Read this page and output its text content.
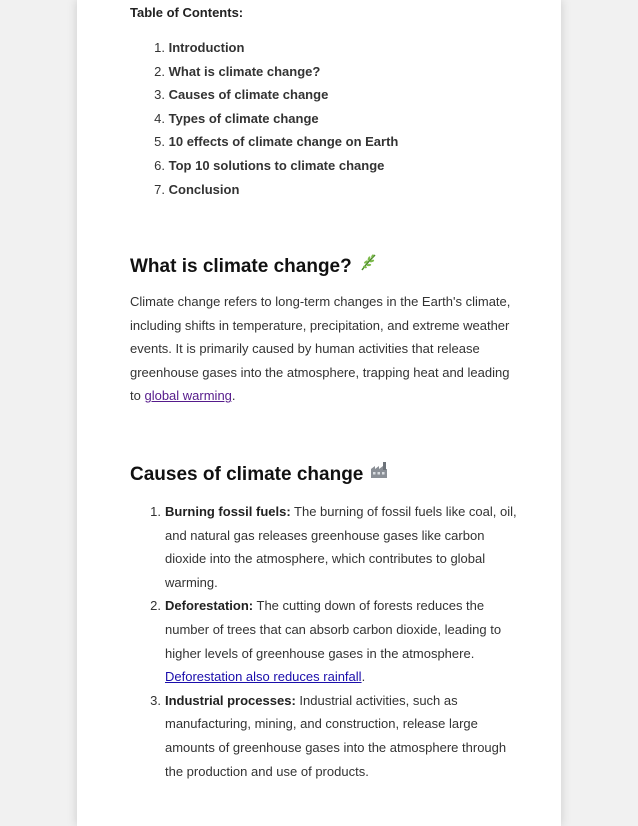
Table of Contents:
1. Introduction
2. What is climate change?
3. Causes of climate change
4. Types of climate change
5. 10 effects of climate change on Earth
6. Top 10 solutions to climate change
7. Conclusion
What is climate change?

Climate change refers to long-term changes in the Earth's climate, including shifts in temperature, precipitation, and extreme weather events. It is primarily caused by human activities that release greenhouse gases into the atmosphere, trapping heat and leading to global warming.

Causes of climate change
1. Burning fossil fuels: The burning of fossil fuels like coal, oil, and natural gas releases greenhouse gases like carbon dioxide into the atmosphere, which contributes to global warming.
2. Deforestation: The cutting down of forests reduces the number of trees that can absorb carbon dioxide, leading to higher levels of greenhouse gases in the atmosphere. Deforestation also reduces rainfall.
3. Industrial processes: Industrial activities, such as manufacturing, mining, and construction, release large amounts of greenhouse gases into the atmosphere through the production and use of products.
